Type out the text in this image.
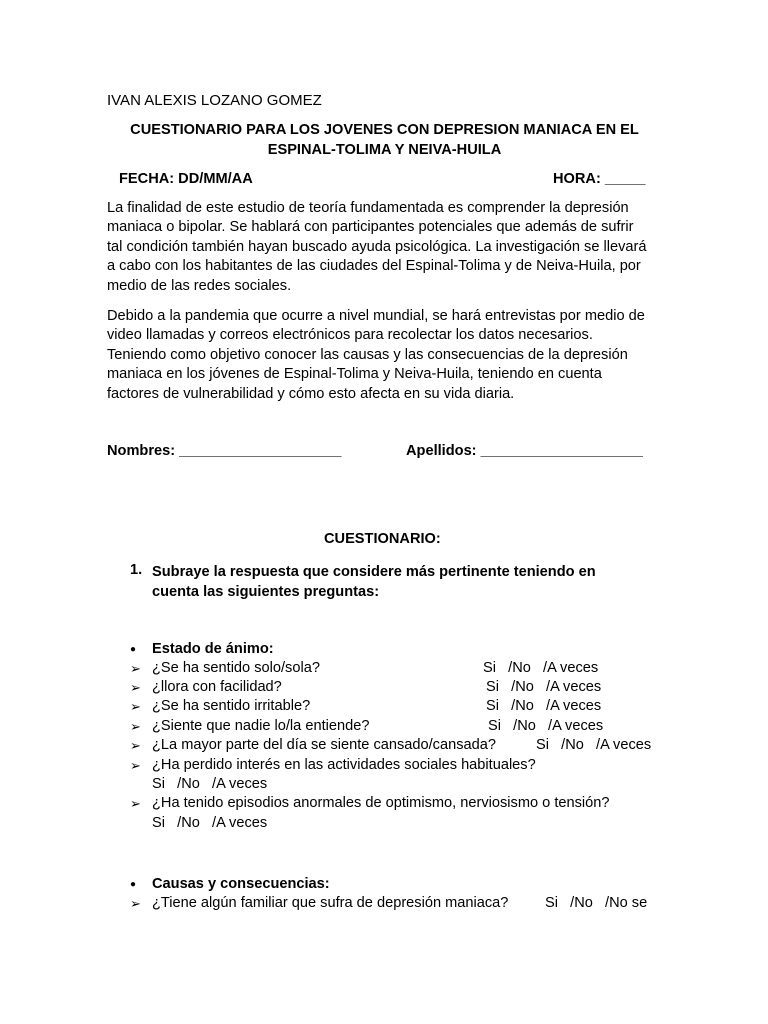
IVAN ALEXIS LOZANO GOMEZ
CUESTIONARIO PARA LOS JOVENES CON DEPRESION MANIACA EN EL
ESPINAL-TOLIMA Y NEIVA-HUILA
FECHA: DD/MM/AA	HORA: _____
La finalidad de este estudio de teoría fundamentada es comprender la depresión maniaca o bipolar. Se hablará con participantes potenciales que además de sufrir tal condición también hayan buscado ayuda psicológica. La investigación se llevará a cabo con los habitantes de las ciudades del Espinal-Tolima y de Neiva-Huila, por medio de las redes sociales.
Debido a la pandemia que ocurre a nivel mundial, se hará entrevistas por medio de video llamadas y correos electrónicos para recolectar los datos necesarios. Teniendo como objetivo conocer las causas y las consecuencias de la depresión maniaca en los jóvenes de Espinal-Tolima y Neiva-Huila, teniendo en cuenta factores de vulnerabilidad y cómo esto afecta en su vida diaria.
Nombres: ____________________	Apellidos: ____________________
CUESTIONARIO:
1. Subraye la respuesta que considere más pertinente teniendo en
cuenta las siguientes preguntas:
● Estado de ánimo:
➢ ¿Se ha sentido solo/sola?	Si   /No   /A veces
➢ ¿llora con facilidad?	Si   /No   /A veces
➢ ¿Se ha sentido irritable?	Si   /No   /A veces
➢ ¿Siente que nadie lo/la entiende?	Si   /No   /A veces
➢ ¿La mayor parte del día se siente cansado/cansada?	Si   /No   /A veces
➢ ¿Ha perdido interés en las actividades sociales habituales?
Si   /No   /A veces
➢ ¿Ha tenido episodios anormales de optimismo, nerviosismo o tensión?
Si   /No   /A veces
● Causas y consecuencias:
➢ ¿Tiene algún familiar que sufra de depresión maniaca?	Si   /No   /No se
